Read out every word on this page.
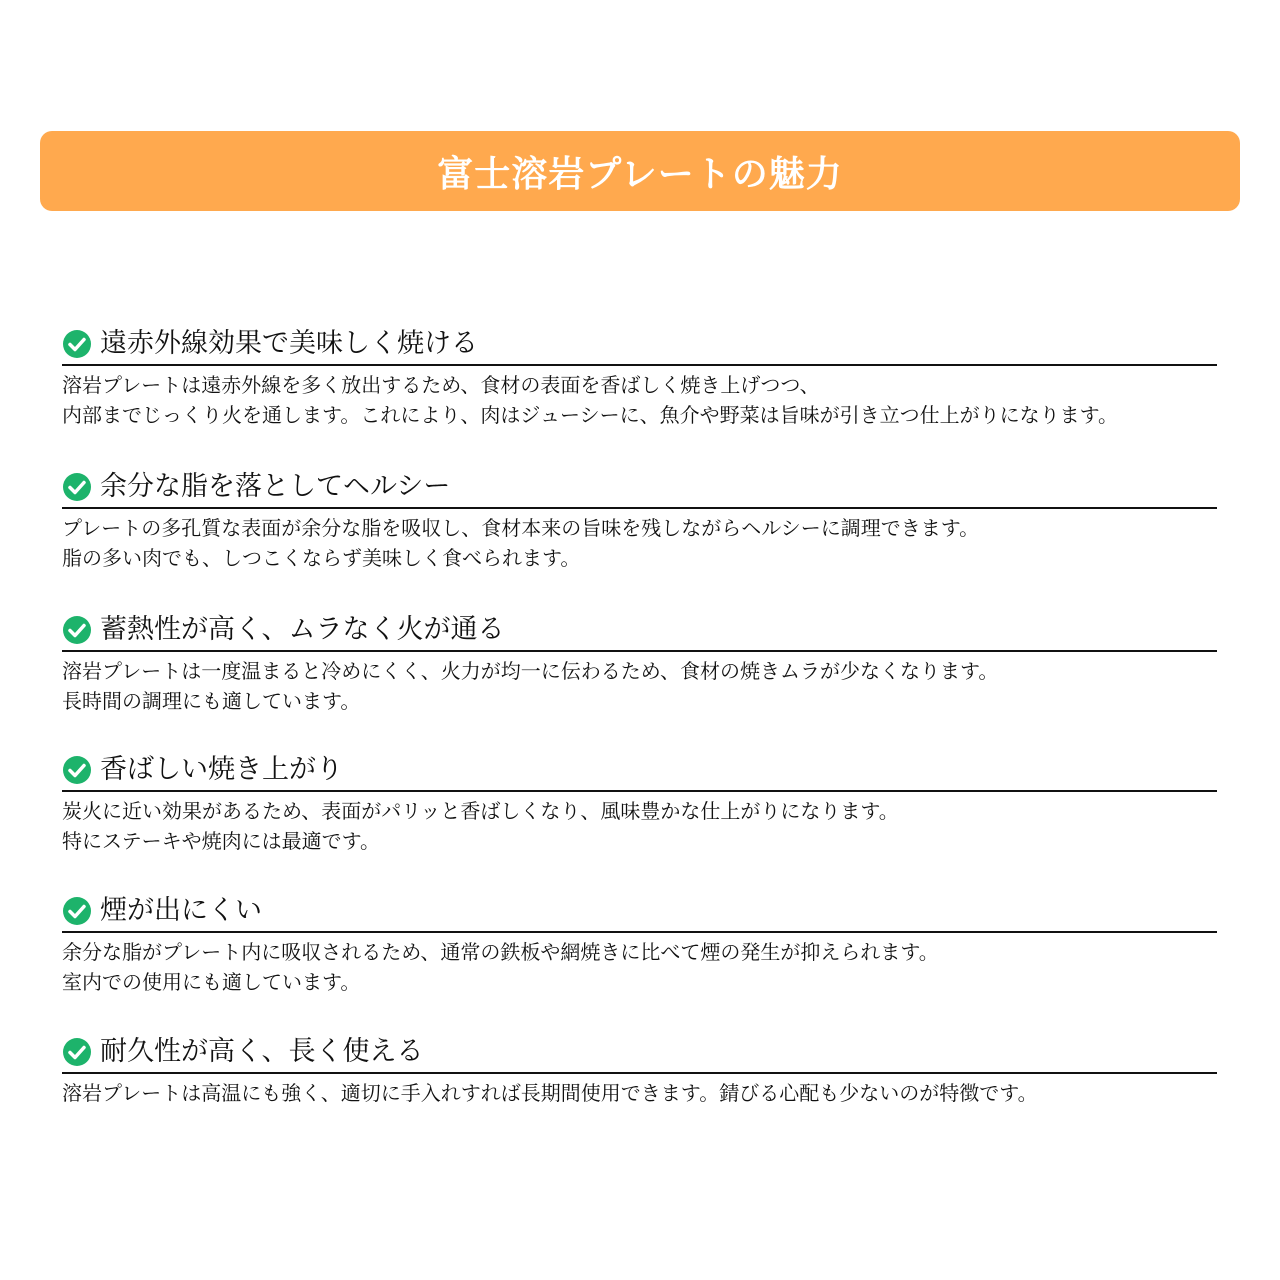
富士溶岩プレートの魅力
遠赤外線効果で美味しく焼ける

溶岩プレートは遠赤外線を多く放出するため、食材の表面を香ばしく焼き上げつつ、

内部までじっくり火を通します。これにより、肉はジューシーに、魚介や野菜は旨味が引き立つ仕上がりになります。

余分な脂を落としてヘルシー

プレートの多孔質な表面が余分な脂を吸収し、食材本来の旨味を残しながらヘルシーに調理できます。

脂の多い肉でも、しつこくならず美味しく食べられます。

蓄熱性が高く、ムラなく火が通る

溶岩プレートは一度温まると冷めにくく、火力が均一に伝わるため、食材の焼きムラが少なくなります。

長時間の調理にも適しています。

香ばしい焼き上がり

炭火に近い効果があるため、表面がパリッと香ばしくなり、風味豊かな仕上がりになります。

特にステーキや焼肉には最適です。

煙が出にくい

余分な脂がプレート内に吸収されるため、通常の鉄板や網焼きに比べて煙の発生が抑えられます。

室内での使用にも適しています。

耐久性が高く、長く使える

溶岩プレートは高温にも強く、適切に手入れすれば長期間使用できます。錆びる心配も少ないのが特徴です。
